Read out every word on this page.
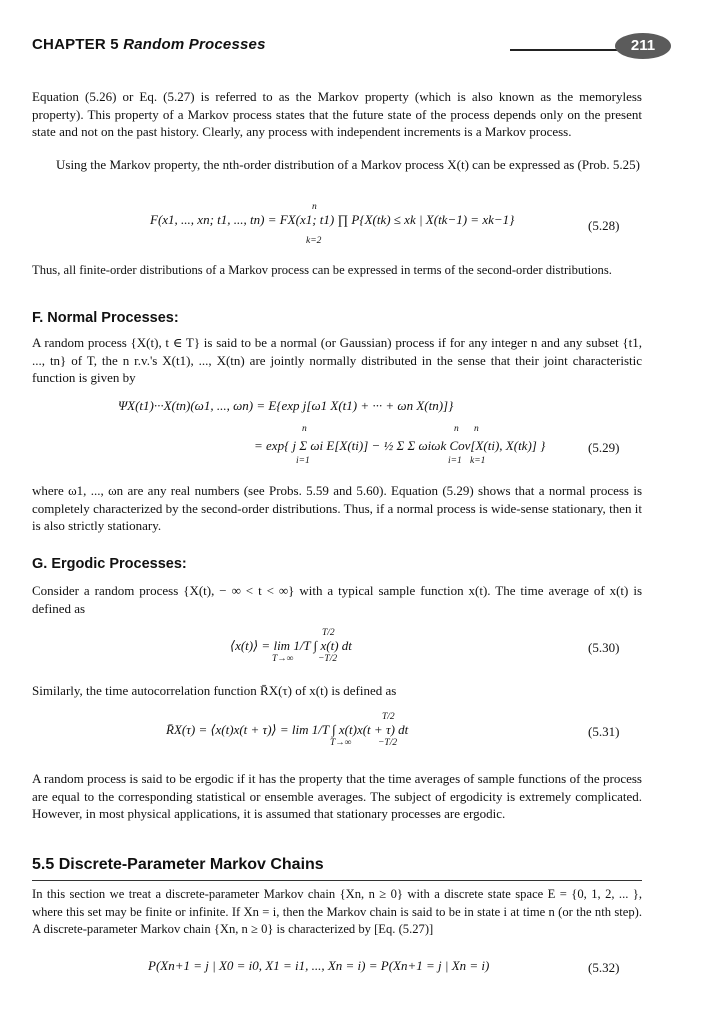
CHAPTER 5 Random Processes	211

Equation (5.26) or Eq. (5.27) is referred to as the Markov property (which is also known as the memoryless property). This property of a Markov process states that the future state of the process depends only on the present state and not on the past history. Clearly, any process with independent increments is a Markov process.

Using the Markov property, the nth-order distribution of a Markov process X(t) can be expressed as (Prob. 5.25)

F(x1, ..., xn; t1, ..., tn) = FX(x1; t1) ∏ P{X(tk) ≤ xk | X(tk−1) = xk−1}
n
k=2
(5.28)

Thus, all finite-order distributions of a Markov process can be expressed in terms of the second-order distributions.

F. Normal Processes:

A random process {X(t), t ∈ T} is said to be a normal (or Gaussian) process if for any integer n and any subset {t1, ..., tn} of T, the n r.v.'s X(t1), ..., X(tn) are jointly normally distributed in the sense that their joint characteristic function is given by

ΨX(t1)···X(tn)(ω1, ..., ωn) = E{exp j[ω1 X(t1) + ··· + ωn X(tn)]}
= exp{ j Σ ωi E[X(ti)] − ½ Σ Σ ωiωk Cov[X(ti), X(tk)] }
n
i=1
n
i=1
n
k=1
(5.29)

where ω1, ..., ωn are any real numbers (see Probs. 5.59 and 5.60). Equation (5.29) shows that a normal process is completely characterized by the second-order distributions. Thus, if a normal process is wide-sense stationary, then it is also strictly stationary.

G. Ergodic Processes:

Consider a random process {X(t), − ∞ < t < ∞} with a typical sample function x(t). The time average of x(t) is defined as

⟨x(t)⟩ = lim 1/T ∫ x(t) dt
T→∞
T/2
−T/2
(5.30)

Similarly, the time autocorrelation function R̄X(τ) of x(t) is defined as

R̄X(τ) = ⟨x(t)x(t + τ)⟩ = lim 1/T ∫ x(t)x(t + τ) dt
T→∞
T/2
−T/2
(5.31)

A random process is said to be ergodic if it has the property that the time averages of sample functions of the process are equal to the corresponding statistical or ensemble averages. The subject of ergodicity is extremely complicated. However, in most physical applications, it is assumed that stationary processes are ergodic.

5.5 Discrete-Parameter Markov Chains

In this section we treat a discrete-parameter Markov chain {Xn, n ≥ 0} with a discrete state space E = {0, 1, 2, ... }, where this set may be finite or infinite. If Xn = i, then the Markov chain is said to be in state i at time n (or the nth step). A discrete-parameter Markov chain {Xn, n ≥ 0} is characterized by [Eq. (5.27)]

P(Xn+1 = j | X0 = i0, X1 = i1, ..., Xn = i) = P(Xn+1 = j | Xn = i)	(5.32)
